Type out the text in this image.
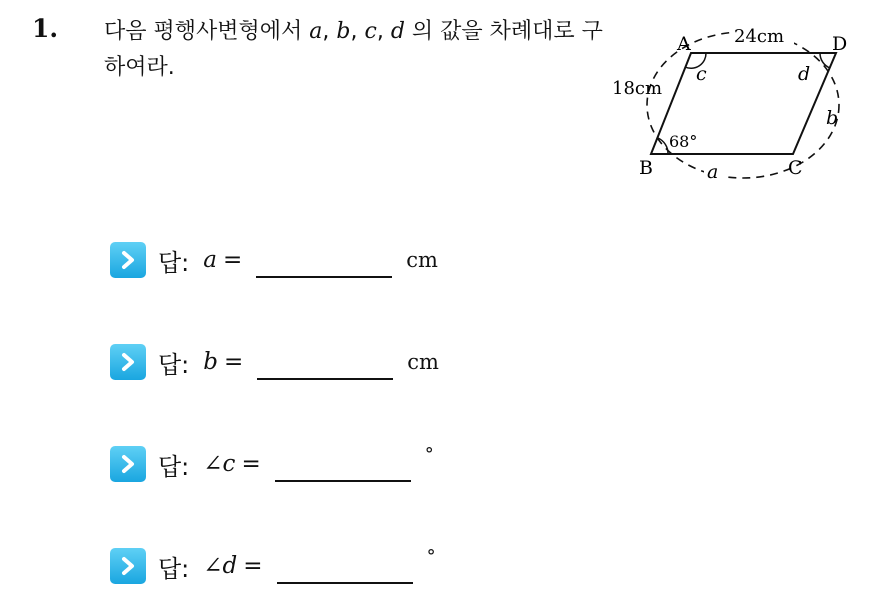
1. 다음 평행사변형에서 a, b, c, d 의 값을 차례대로 구하여라.
A	D
B	C
24cm
18cm
68°
c	d
b
a
답: a =	cm
답: b =	cm
답: ∠c =	°
답: ∠d =	°
